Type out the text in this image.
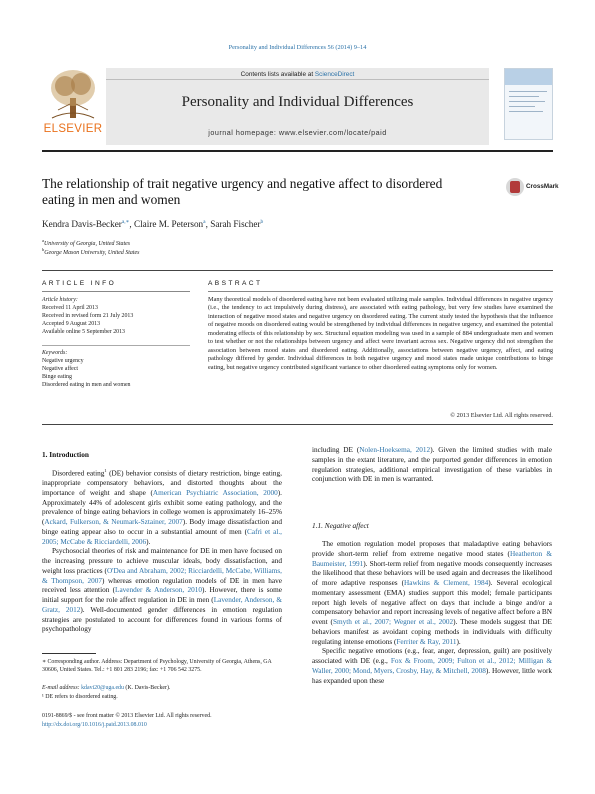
Personality and Individual Differences 56 (2014) 9–14
ELSEVIER
Contents lists available at ScienceDirect
Personality and Individual Differences
journal homepage: www.elsevier.com/locate/paid
The relationship of trait negative urgency and negative affect to disordered eating in men and women
CrossMark
Kendra Davis-Becker$^{a,∗}$, Claire M. Peterson$^a$, Sarah Fischer$^b$
$^a$University of Georgia, United States
$^b$George Mason University, United States
ARTICLE INFO	ABSTRACT
Article history:
Received 11 April 2013
Received in revised form 21 July 2013
Accepted 9 August 2013
Available online 5 September 2013
Keywords:
Negative urgency
Negative affect
Binge eating
Disordered eating in men and women
Many theoretical models of disordered eating have not been evaluated utilizing male samples. Individual differences in negative urgency (i.e., the tendency to act impulsively during distress), are associated with eating pathology, but very few studies have examined the interaction of negative mood states and negative urgency on disordered eating. The current study tested the hypothesis that the influence of negative moods on disordered eating would be strengthened by individual differences in negative urgency, and examined the potential moderating effects of this relationship by sex. Structural equation modeling was used in a sample of 884 undergraduate men and women to test whether or not the relationships between urgency and affect were invariant across sex. Negative urgency did not strengthen the association between mood states and disordered eating. Additionally, associations between negative urgency, affect, and eating pathology differed by gender. Individual differences in both negative urgency and mood states made unique contributions to binge eating, but negative urgency contributed significant variance to other disordered eating symptoms only for women.
© 2013 Elsevier Ltd. All rights reserved.
1. Introduction

Disordered eating$^1$ (DE) behavior consists of dietary restriction, binge eating, inappropriate compensatory behaviors, and distorted thoughts about the importance of weight and shape (American Psychiatric Association, 2000). Approximately 44% of adolescent girls exhibit some eating pathology, and the prevalence of binge eating behaviors in college women is approximately 16–25% (Ackard, Fulkerson, & Neumark-Sztainer, 2007). Body image dissatisfaction and binge eating appear also to occur in a substantial amount of men (Cafri et al., 2005; McCabe & Ricciardelli, 2006).

Psychosocial theories of risk and maintenance for DE in men have focused on the increasing pressure to achieve muscular ideals, body dissatisfaction, and weight loss practices (O'Dea and Abraham, 2002; Ricciardelli, McCabe, Williams, & Thompson, 2007) whereas emotion regulation models of DE in men have received less attention (Lavender & Anderson, 2010). However, there is some initial support for the role affect regulation in DE in men (Lavender, Anderson, & Gratz, 2012). Well-documented gender differences in emotion regulation strategies are postulated to account for differences found in various forms of psychopathology

including DE (Nolen-Hoeksema, 2012). Given the limited studies with male samples in the extant literature, and the purported gender differences in emotion regulation strategies, additional empirical investigation of these variables in conjunction with DE in men is warranted.

1.1. Negative affect

The emotion regulation model proposes that maladaptive eating behaviors provide short-term relief from extreme negative mood states (Heatherton & Baumeister, 1991). Short-term relief from negative moods consequently increases the likelihood that these behaviors will be used again and decreases the likelihood of more adaptive responses (Hawkins & Clement, 1984). Several ecological momentary assessment (EMA) studies support this model; female participants report high levels of negative affect on days that include a binge and/or a compensatory behavior and report increasing levels of negative affect before a BN event (Smyth et al., 2007; Wegner et al., 2002). These models suggest that DE behaviors manifest as avoidant coping methods in individuals with difficulty regulating intense emotions (Ferriter & Ray, 2011).

Specific negative emotions (e.g., fear, anger, depression, guilt) are positively associated with DE (e.g., Fox & Froom, 2009; Fulton et al., 2012; Milligan & Waller, 2000; Mond, Myers, Crosby, Hay, & Mitchell, 2008). However, little work has expanded upon these

∗ Corresponding author. Address: Department of Psychology, University of Georgia, Athens, GA 30606, United States. Tel.: +1 801 283 2196; fax: +1 706 542 3275.
E-mail address: kdavi20@uga.edu (K. Davis-Becker).
¹ DE refers to disordered eating.
0191-8869/$ - see front matter © 2013 Elsevier Ltd. All rights reserved.
http://dx.doi.org/10.1016/j.paid.2013.08.010
